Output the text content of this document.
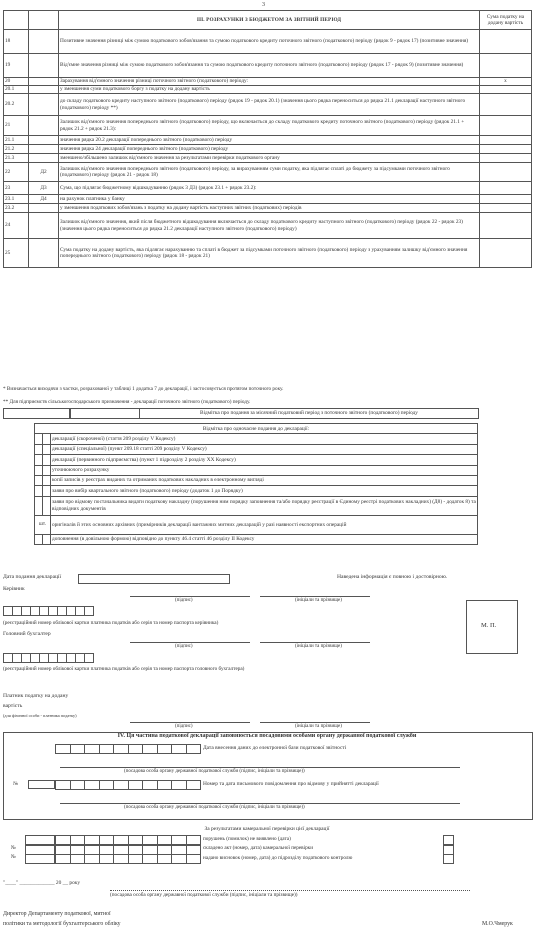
3
		III. РОЗРАХУНКИ З БЮДЖЕТОМ ЗА ЗВІТНИЙ ПЕРІОД	Сума податку на додану вартість
18		Позитивне значення різниці між сумою податкового зобов'язання та сумою податкового кредиту поточного звітного (податкового) періоду (рядок 9 - рядок 17) (позитивне значення)	
19		Від'ємне значення різниці між сумою податкового зобов'язання та сумою податкового кредиту поточного звітного (податкового) періоду (рядок 17 - рядок 9) (позитивне значення)	
20		Зарахування від'ємного значення різниці поточного звітного (податкового) періоду:	х
20.1		у зменшення суми податкового боргу з податку на додану вартість	
20.2		до складу податкового кредиту наступного звітного (податкового) періоду (рядок 19 - рядок 20.1) (значення цього рядка переноситься до рядка 21.1 декларації наступного звітного (податкового) періоду **)	
21		Залишок від'ємного значення попереднього звітного (податкового) періоду, що включається до складу податкового кредиту поточного звітного (податкового) періоду (рядок 21.1 + рядок 21.2 + рядок 21.3):	
21.1		значення рядка 20.2 декларації попереднього звітного (податкового) періоду	
21.2		значення рядка 24 декларації попереднього звітного (податкового) періоду	
21.3		зменшено/збільшено залишок від'ємного значення за результатами перевірки податкового органу	
22	Д2	Залишок від'ємного значення попереднього звітного (податкового) періоду, за вирахуванням суми податку, яка підлягає сплаті до бюджету за підсумками поточного звітного (податкового) періоду (рядок 21 - рядок 18)	
23	Д3	Сума, що підлягає бюджетному відшкодуванню (рядок 3 Д3) (рядок 23.1 + рядок 23.2):	
23.1	Д4	на рахунок платника у банку	
23.2		у зменшення податкових зобов'язань з податку на додану вартість наступних звітних (податкових) періодів	
24		Залишок від'ємного значення, який після бюджетного відшкодування включається до складу податкового кредиту наступного звітного (податкового) періоду (рядок 22 - рядок 23) (значення цього рядка переноситься до рядка 21.2 декларації наступного звітного (податкового) періоду)	
25		Сума податку на додану вартість, яка підлягає нарахуванню та сплаті в бюджет за підсумками поточного звітного (податкового) періоду з урахуванням залишку від'ємного значення попереднього звітного (податкового) періоду (рядок 18 - рядок 21)	
* Визначається виходячи з частки, розрахованої у таблиці 1 додатка 7 до декларації, і застосовується протягом поточного року.
** Для підприємств сільськогосподарського призначення - декларації поточного звітного (податкового) періоду.
Відмітка про подання за місячний податковий період з поточного звітного (податкового) періоду
Відмітка про одночасне подання до декларації:		
		декларації (скороченої) (стаття 209 розділу V Кодексу)
		декларації (спеціальної) (пункт 209.18 статті 209 розділу V Кодексу)
		декларації (первинного підприємства) (пункт 1 підрозділу 2 розділу XX Кодексу)
		уточнюючого розрахунку
		копії записів у реєстрах виданих та отриманих податкових накладних в електронному вигляді
		заяви про вибір квартального звітного (податкового) періоду (додаток 1 до Порядку)
		заяви про відмову постачальника видати податкову накладну (порушення ним порядку заповнення та/або порядку реєстрації в Єдиному реєстрі податкових накладних) (Д8) - додаток 8) та відповідних документів
шт.		оригіналів й этих основних архівних (примірників декларації вантажних митних декларацій у разі наявності експортних операцій
		доповнення (в довільною формою) відповідно до пункту 46.4 статті 46 розділу II Кодексу
Дата подання декларації	Наведена інформація є повною і достовірною.
Керівник
(підпис)	(ініціали та прізвище)
(реєстраційний номер облікової картки платника податків або серія та номер паспорта керівника)	М. П.
Головний бухгалтер
(підпис)	(ініціали та прізвище)
(реєстраційний номер облікової картки платника податків або серія та номер паспорта головного бухгалтера)
Платник податку на додану
вартість
(для фізичної особи - платника податку)
(підпис)	(ініціали та прізвище)
IV. Ця частина податкової декларації заповнюється посадовими особами органу державної податкової служби
Дата внесення даних до електронної бази податкової звітності
(посадова особа органу державної податкової служби (підпис, ініціали та прізвище))
№	Номер та дата письмового повідомлення про відмову у прийнятті декларації
(посадова особа органу державної податкової служби (підпис, ініціали та прізвище))
За результатами камеральної перевірки цієї декларації
порушень (помилок) не виявлено (дата)
№	складено акт (номер, дата) камеральної перевірки
№	надано висновок (номер, дата) до підрозділу податкового контролю
"____" _____________ 20 __ року
(посадова особа органу державної податкової служби (підпис, ініціали та прізвище))
Директор Департаменту податкової, митної
політики та методології бухгалтерського обліку	М.О.Чмерук
